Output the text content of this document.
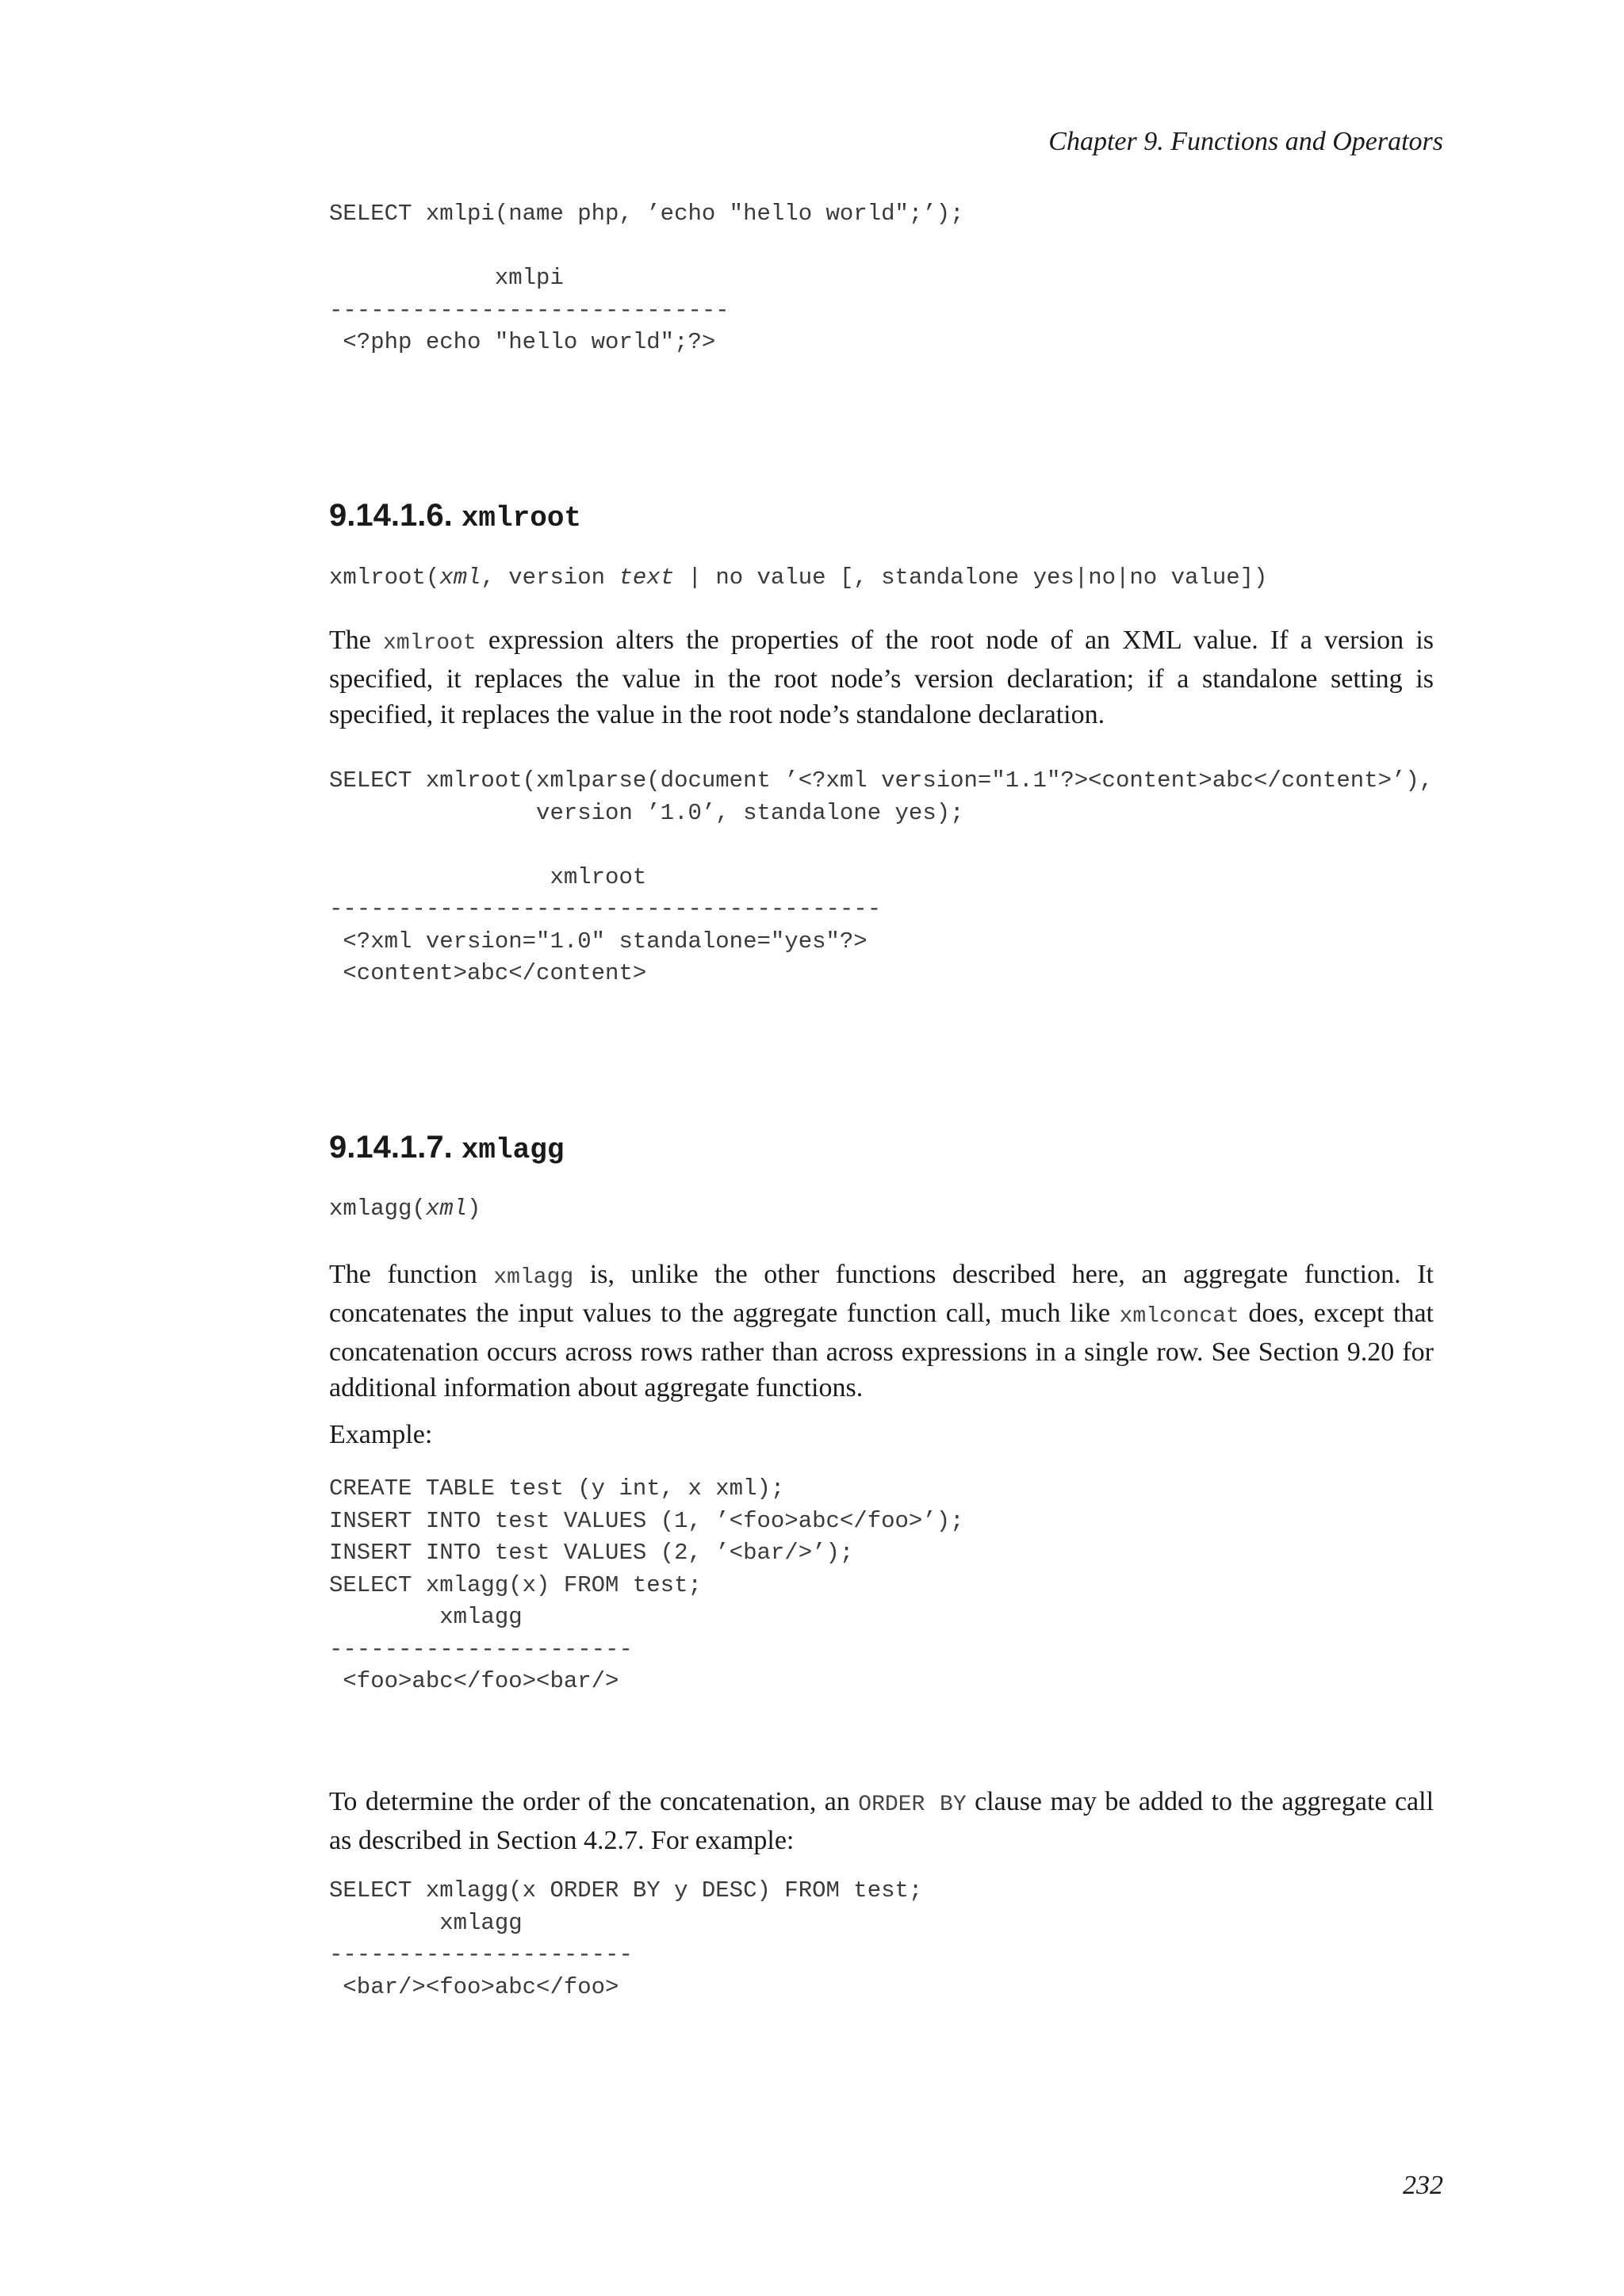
Chapter 9. Functions and Operators
SELECT xmlpi(name php, ’echo "hello world";’);

xmlpi
-----------------------------
<?php echo "hello world";?>
9.14.1.6. xmlroot
xmlroot(xml, version text | no value [, standalone yes|no|no value])

The xmlroot expression alters the properties of the root node of an XML value. If a version is specified, it replaces the value in the root node’s version declaration; if a standalone setting is specified, it replaces the value in the root node’s standalone declaration.

SELECT xmlroot(xmlparse(document ’<?xml version="1.1"?><content>abc</content>’),
version ’1.0’, standalone yes);

xmlroot
----------------------------------------
<?xml version="1.0" standalone="yes"?>
<content>abc</content>
9.14.1.7. xmlagg
xmlagg(xml)

The function xmlagg is, unlike the other functions described here, an aggregate function. It concatenates the input values to the aggregate function call, much like xmlconcat does, except that concatenation occurs across rows rather than across expressions in a single row. See Section 9.20 for additional information about aggregate functions.

Example:

CREATE TABLE test (y int, x xml);
INSERT INTO test VALUES (1, ’<foo>abc</foo>’);
INSERT INTO test VALUES (2, ’<bar/>’);
SELECT xmlagg(x) FROM test;
xmlagg
----------------------
<foo>abc</foo><bar/>

To determine the order of the concatenation, an ORDER BY clause may be added to the aggregate call as described in Section 4.2.7. For example:

SELECT xmlagg(x ORDER BY y DESC) FROM test;
xmlagg
----------------------
<bar/><foo>abc</foo>
232
